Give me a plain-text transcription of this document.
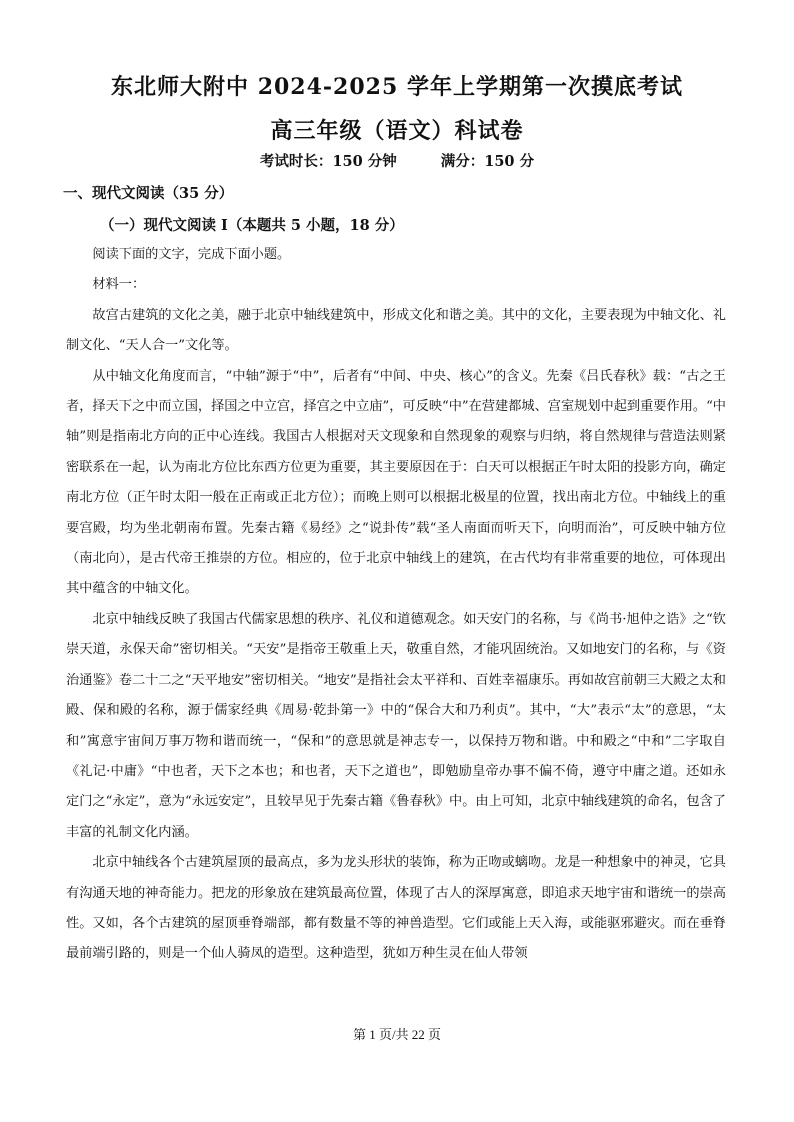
东北师大附中 2024-2025 学年上学期第一次摸底考试
高三年级（语文）科试卷
考试时长：150 分钟	满分：150 分
一、现代文阅读（35 分）
（一）现代文阅读 I（本题共 5 小题，18 分）

阅读下面的文字，完成下面小题。

材料一：

故宫古建筑的文化之美，融于北京中轴线建筑中，形成文化和谐之美。其中的文化，主要表现为中轴文化、礼制文化、“天人合一”文化等。

从中轴文化角度而言，“中轴”源于“中”，后者有“中间、中央、核心”的含义。先秦《吕氏春秋》载：“古之王者，择天下之中而立国，择国之中立宫，择宫之中立庙”，可反映“中”在营建都城、宫室规划中起到重要作用。“中轴”则是指南北方向的正中心连线。我国古人根据对天文现象和自然现象的观察与归纳，将自然规律与营造法则紧密联系在一起，认为南北方位比东西方位更为重要，其主要原因在于：白天可以根据正午时太阳的投影方向，确定南北方位（正午时太阳一般在正南或正北方位）；而晚上则可以根据北极星的位置，找出南北方位。中轴线上的重要宫殿，均为坐北朝南布置。先秦古籍《易经》之“说卦传”载“圣人南面而听天下，向明而治”，可反映中轴方位（南北向），是古代帝王推崇的方位。相应的，位于北京中轴线上的建筑，在古代均有非常重要的地位，可体现出其中蕴含的中轴文化。

北京中轴线反映了我国古代儒家思想的秩序、礼仪和道德观念。如天安门的名称，与《尚书·旭仲之诰》之“钦崇天道，永保天命”密切相关。“天安”是指帝王敬重上天，敬重自然，才能巩固统治。又如地安门的名称，与《资治通鉴》卷二十二之“天平地安”密切相关。“地安”是指社会太平祥和、百姓幸福康乐。再如故宫前朝三大殿之太和殿、保和殿的名称，源于儒家经典《周易·乾卦第一》中的“保合大和乃利贞”。其中，“大”表示“太”的意思，“太和”寓意宇宙间万事万物和谐而统一，“保和”的意思就是神志专一，以保持万物和谐。中和殿之“中和”二字取自《礼记·中庸》“中也者，天下之本也；和也者，天下之道也”，即勉励皇帝办事不偏不倚，遵守中庸之道。还如永定门之“永定”，意为“永远安定”，且较早见于先秦古籍《鲁春秋》中。由上可知，北京中轴线建筑的命名，包含了丰富的礼制文化内涵。

北京中轴线各个古建筑屋顶的最高点，多为龙头形状的装饰，称为正吻或螭吻。龙是一种想象中的神灵，它具有沟通天地的神奇能力。把龙的形象放在建筑最高位置，体现了古人的深厚寓意，即追求天地宇宙和谐统一的崇高性。又如，各个古建筑的屋顶垂脊端部，都有数量不等的神兽造型。它们或能上天入海，或能驱邪避灾。而在垂脊最前端引路的，则是一个仙人骑凤的造型。这种造型，犹如万种生灵在仙人带领

第 1 页/共 22 页
